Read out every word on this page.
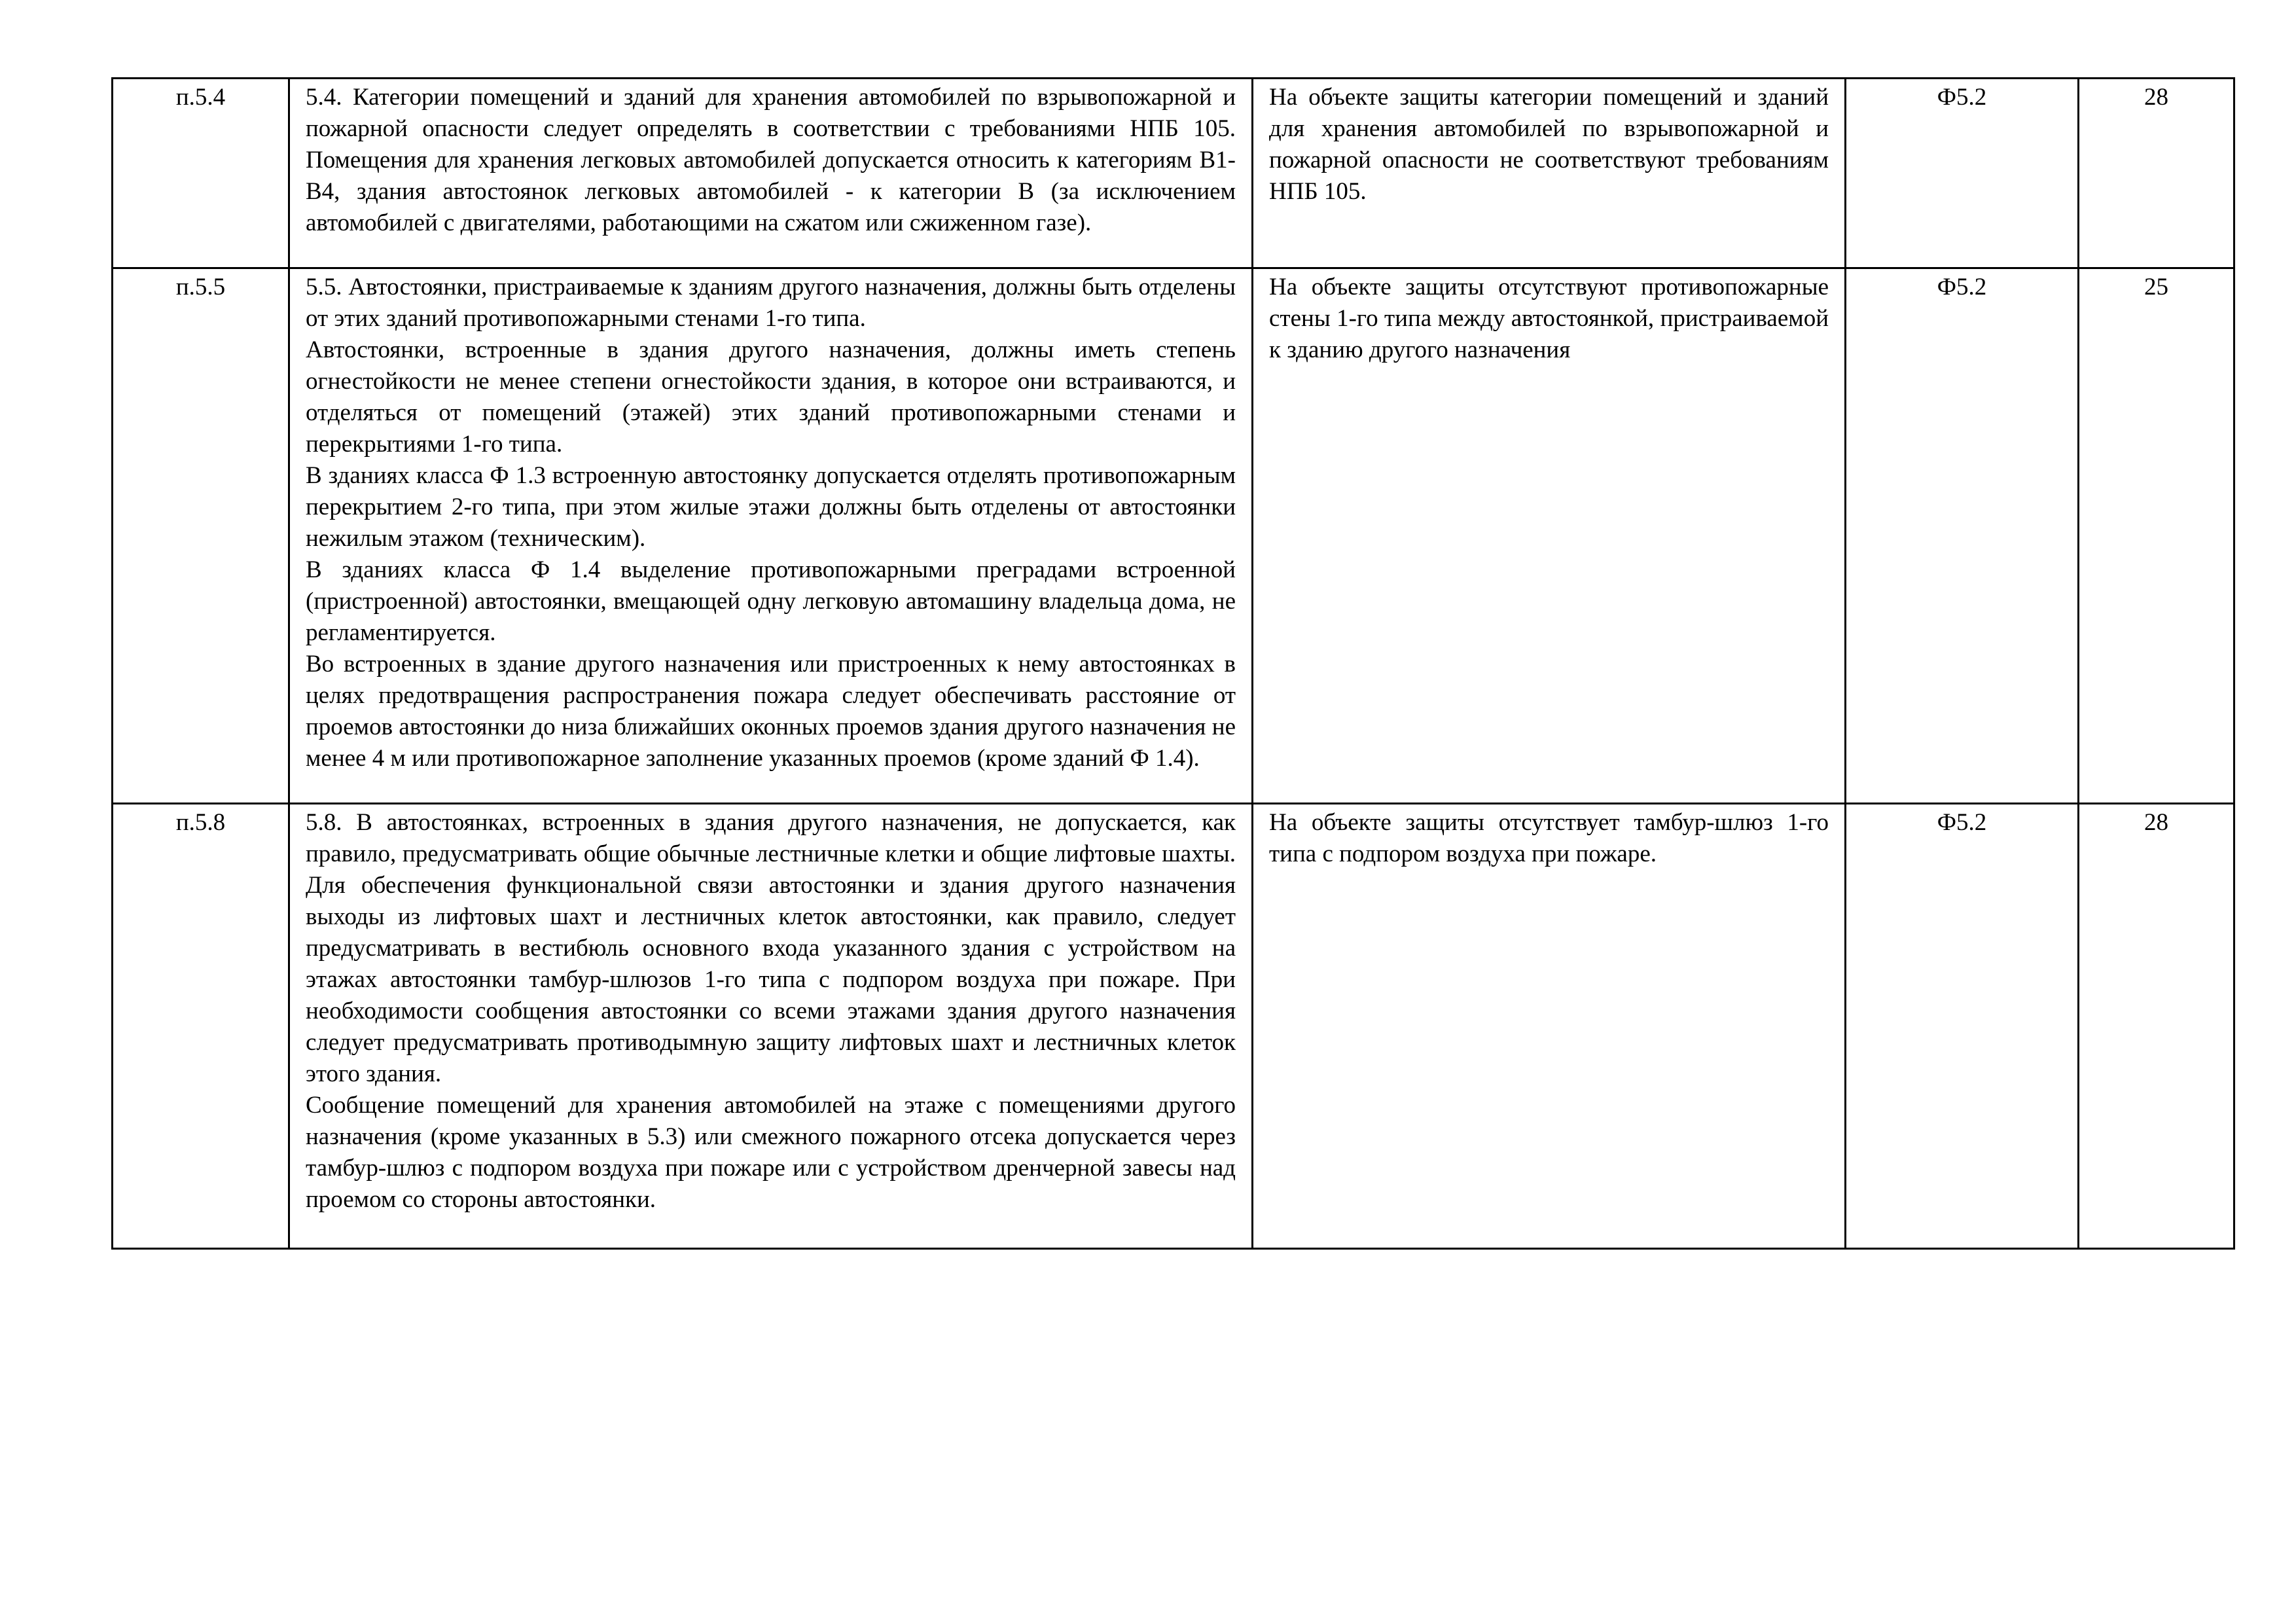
п.5.4	5.4. Категории помещений и зданий для хранения автомобилей по взрывопожарной и пожарной опасности следует определять в соответствии с требованиями НПБ 105. Помещения для хранения легковых автомобилей допускается относить к категориям В1-В4, здания автостоянок легковых автомобилей - к категории В (за исключением автомобилей с двигателями, работающими на сжатом или сжиженном газе).	На объекте защиты категории помещений и зданий для хранения автомобилей по взрывопожарной и пожарной опасности не соответствуют требованиям НПБ 105.	Ф5.2	28
п.5.5	5.5. Автостоянки, пристраиваемые к зданиям другого назначения, должны быть отделены от этих зданий противопожарными стенами 1-го типа.
Автостоянки, встроенные в здания другого назначения, должны иметь степень огнестойкости не менее степени огнестойкости здания, в которое они встраиваются, и отделяться от помещений (этажей) этих зданий противопожарными стенами и перекрытиями 1-го типа.
В зданиях класса Ф 1.3 встроенную автостоянку допускается отделять противопожарным перекрытием 2-го типа, при этом жилые этажи должны быть отделены от автостоянки нежилым этажом (техническим).
В зданиях класса Ф 1.4 выделение противопожарными преградами встроенной (пристроенной) автостоянки, вмещающей одну легковую автомашину владельца дома, не регламентируется.
Во встроенных в здание другого назначения или пристроенных к нему автостоянках в целях предотвращения распространения пожара следует обеспечивать расстояние от проемов автостоянки до низа ближайших оконных проемов здания другого назначения не менее 4 м или противопожарное заполнение указанных проемов (кроме зданий Ф 1.4).	На объекте защиты отсутствуют противопожарные стены 1-го типа между автостоянкой, пристраиваемой к зданию другого назначения	Ф5.2	25
п.5.8	5.8. В автостоянках, встроенных в здания другого назначения, не допускается, как правило, предусматривать общие обычные лестничные клетки и общие лифтовые шахты. Для обеспечения функциональной связи автостоянки и здания другого назначения выходы из лифтовых шахт и лестничных клеток автостоянки, как правило, следует предусматривать в вестибюль основного входа указанного здания с устройством на этажах автостоянки тамбур-шлюзов 1-го типа с подпором воздуха при пожаре. При необходимости сообщения автостоянки со всеми этажами здания другого назначения следует предусматривать противодымную защиту лифтовых шахт и лестничных клеток этого здания.
Сообщение помещений для хранения автомобилей на этаже с помещениями другого назначения (кроме указанных в 5.3) или смежного пожарного отсека допускается через тамбур-шлюз с подпором воздуха при пожаре или с устройством дренчерной завесы над проемом со стороны автостоянки.	На объекте защиты отсутствует тамбур-шлюз 1-го типа с подпором воздуха при пожаре.	Ф5.2	28
